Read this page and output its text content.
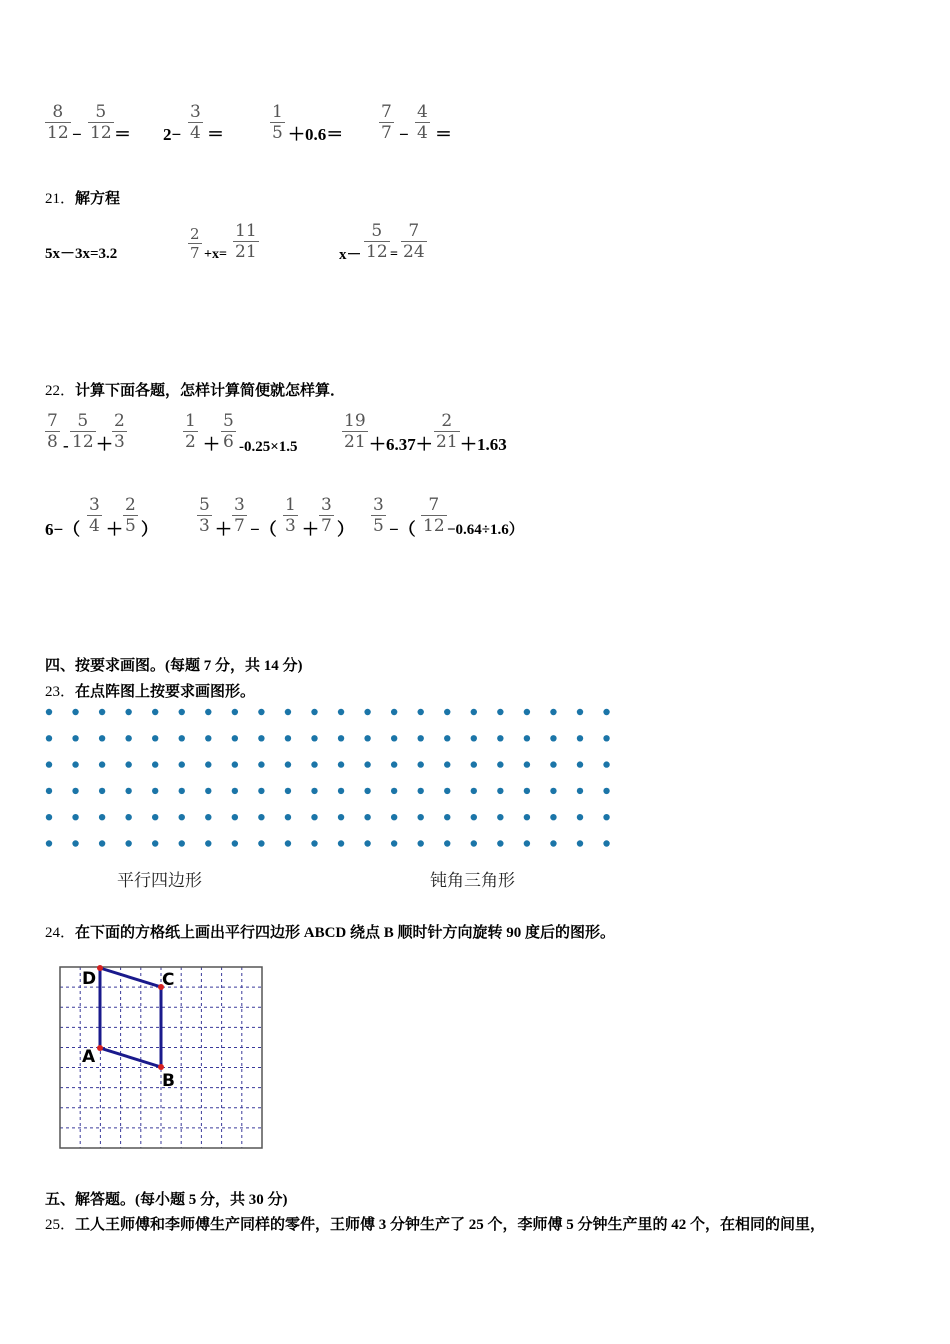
$\frac{8}{12} - \frac{5}{12} = 2- \frac{3}{4}$ ＝	$\frac{1}{5} +0.6= \frac{7}{7} - \frac{4}{4}$ ＝
21．解方程
5x－3x=3.2	$\frac{2}{7} +x= \frac{11}{21}$	$x- \frac{5}{12} = \frac{7}{24}$
22．计算下面各题，怎样计算简便就怎样算．
$\frac{7}{8} - \frac{5}{12} + \frac{2}{3}$	$\frac{1}{2} + \frac{5}{6} -0.25\times 1.5$	$\frac{19}{21} +6.37+ \frac{2}{21} +1.63$
$6-( \frac{3}{4} + \frac{2}{5}$ ） $\frac{5}{3} + \frac{3}{7}$ −（ $\frac{1}{3} + \frac{3}{7}$ ） $\frac{3}{5}$ −（ $\frac{7}{12} -0.64\div 1.6$）
四、按要求画图。(每题 7 分，共 14 分)
23．在点阵图上按要求画图形。
平行四边形	钝角三角形
24．在下面的方格纸上画出平行四边形 ABCD 绕点 B 顺时针方向旋转 90 度后的图形。
D	C
A
B
五、解答题。(每小题 5 分，共 30 分)
25．工人王师傅和李师傅生产同样的零件，王师傅 3 分钟生产了 25 个，李师傅 5 分钟生产里的 42 个，在相同的间里，
